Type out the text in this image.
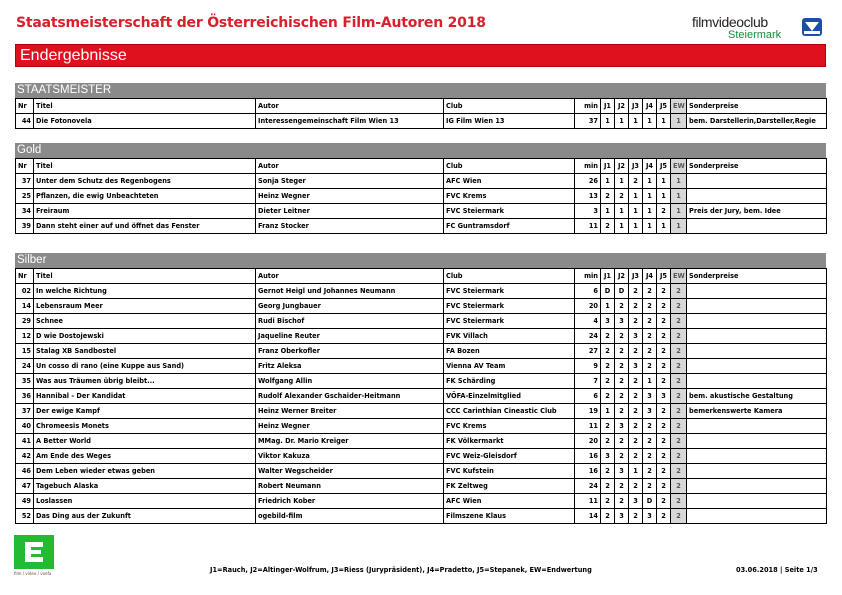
Staatsmeisterschaft der Österreichischen Film-Autoren 2018	filmvideoclub
Steiermark
Endergebnisse
STAATSMEISTER
Nr	Titel	Autor	Club	min	J1	J2	J3	J4	J5	EW	Sonderpreise
44	Die Fotonovela	Interessengemeinschaft Film Wien 13	IG Film Wien 13	37	1	1	1	1	1	1	bem. Darstellerin,Darsteller,Regie
Gold
Nr	Titel	Autor	Club	min	J1	J2	J3	J4	J5	EW	Sonderpreise
37	Unter dem Schutz des Regenbogens	Sonja Steger	AFC Wien	26	1	1	2	1	1	1	
25	Pflanzen, die ewig Unbeachteten	Heinz Wegner	FVC Krems	13	2	2	1	1	1	1	
34	Freiraum	Dieter Leitner	FVC Steiermark	3	1	1	1	1	2	1	Preis der Jury, bem. Idee
39	Dann steht einer auf und öffnet das Fenster	Franz Stocker	FC Guntramsdorf	11	2	1	1	1	1	1	
Silber
Nr	Titel	Autor	Club	min	J1	J2	J3	J4	J5	EW	Sonderpreise
02	In welche Richtung	Gernot Heigl und Johannes Neumann	FVC Steiermark	6	D	D	2	2	2	2	
14	Lebensraum Meer	Georg Jungbauer	FVC Steiermark	20	1	2	2	2	2	2	
29	Schnee	Rudi Bischof	FVC Steiermark	4	3	3	2	2	2	2	
12	D wie Dostojewski	Jaqueline Reuter	FVK Villach	24	2	2	3	2	2	2	
15	Stalag XB Sandbostel	Franz Oberkofler	FA Bozen	27	2	2	2	2	2	2	
24	Un cosso di rano (eine Kuppe aus Sand)	Fritz Aleksa	Vienna AV Team	9	2	2	3	2	2	2	
35	Was aus Träumen übrig bleibt...	Wolfgang Allin	FK Schärding	7	2	2	2	1	2	2	
36	Hannibal - Der Kandidat	Rudolf Alexander Gschaider-Heitmann	VÖFA-Einzelmitglied	6	2	2	2	3	3	2	bem. akustische Gestaltung
37	Der ewige Kampf	Heinz Werner Breiter	CCC Carinthian Cineastic Club	19	1	2	2	3	2	2	bemerkenswerte Kamera
40	Chromeesis Monets	Heinz Wegner	FVC Krems	11	2	3	2	2	2	2	
41	A Better World	MMag. Dr. Mario Kreiger	FK Völkermarkt	20	2	2	2	2	2	2	
42	Am Ende des Weges	Viktor Kakuza	FVC Weiz-Gleisdorf	16	3	2	2	2	2	2	
46	Dem Leben wieder etwas geben	Walter Wegscheider	FVC Kufstein	16	2	3	1	2	2	2	
47	Tagebuch Alaska	Robert Neumann	FK Zeltweg	24	2	2	2	2	2	2	
49	Loslassen	Friedrich Kober	AFC Wien	11	2	2	3	D	2	2	
52	Das Ding aus der Zukunft	ogebild-film	Filmszene Klaus	14	2	3	2	3	2	2	
film / video / voefa	J1=Rauch, J2=Altinger-Wolfrum, J3=Riess (Jurypräsident), J4=Pradetto, J5=Stepanek, EW=Endwertung	03.06.2018 | Seite 1/3
